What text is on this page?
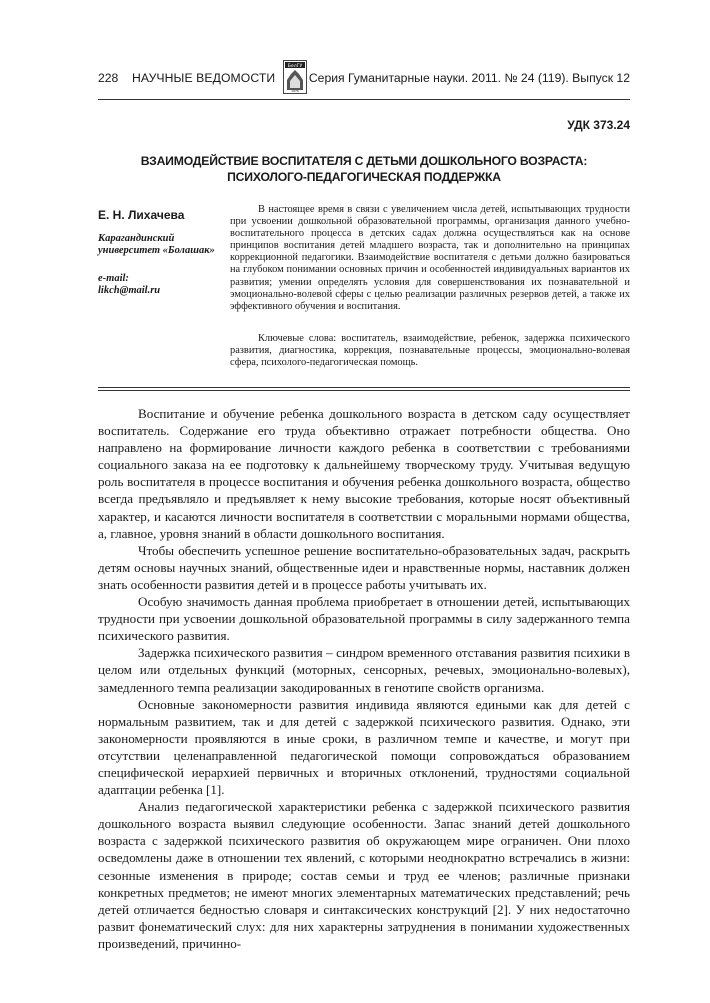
228 НАУЧНЫЕ ВЕДОМОСТИ
БелГУ
1876
Серия Гуманитарные науки. 2011. № 24 (119). Выпуск 12
УДК 373.24
ВЗАИМОДЕЙСТВИЕ ВОСПИТАТЕЛЯ С ДЕТЬМИ ДОШКОЛЬНОГО ВОЗРАСТА:
ПСИХОЛОГО-ПЕДАГОГИЧЕСКАЯ ПОДДЕРЖКА
Е. Н. Лихачева
Карагандинский университет «Болашак»
e-mail:
likch@mail.ru

В настоящее время в связи с увеличением числа детей, испытывающих трудности при усвоении дошкольной образовательной программы, организация данного учебно-воспитательного процесса в детских садах должна осуществляться как на основе принципов воспитания детей младшего возраста, так и дополнительно на принципах коррекционной педагогики. Взаимодействие воспитателя с детьми должно базироваться на глубоком понимании основных причин и особенностей индивидуальных вариантов их развития; умении определять условия для совершенствования их познавательной и эмоционально-волевой сферы с целью реализации различных резервов детей, а также их эффективного обучения и воспитания.

Ключевые слова: воспитатель, взаимодействие, ребенок, задержка психического развития, диагностика, коррекция, познавательные процессы, эмоционально-волевая сфера, психолого-педагогическая помощь.

Воспитание и обучение ребенка дошкольного возраста в детском саду осуществляет воспитатель. Содержание его труда объективно отражает потребности общества. Оно направлено на формирование личности каждого ребенка в соответствии с требованиями социального заказа на ее подготовку к дальнейшему творческому труду. Учитывая ведущую роль воспитателя в процессе воспитания и обучения ребенка дошкольного возраста, общество всегда предъявляло и предъявляет к нему высокие требования, которые носят объективный характер, и касаются личности воспитателя в соответствии с моральными нормами общества, а, главное, уровня знаний в области дошкольного воспитания.

Чтобы обеспечить успешное решение воспитательно-образовательных задач, раскрыть детям основы научных знаний, общественные идеи и нравственные нормы, наставник должен знать особенности развития детей и в процессе работы учитывать их.

Особую значимость данная проблема приобретает в отношении детей, испытывающих трудности при усвоении дошкольной образовательной программы в силу задержанного темпа психического развития.

Задержка психического развития – синдром временного отставания развития психики в целом или отдельных функций (моторных, сенсорных, речевых, эмоционально-волевых), замедленного темпа реализации закодированных в генотипе свойств организма.

Основные закономерности развития индивида являются едиными как для детей с нормальным развитием, так и для детей с задержкой психического развития. Однако, эти закономерности проявляются в иные сроки, в различном темпе и качестве, и могут при отсутствии целенаправленной педагогической помощи сопровождаться образованием специфической иерархией первичных и вторичных отклонений, трудностями социальной адаптации ребенка [1].

Анализ педагогической характеристики ребенка с задержкой психического развития дошкольного возраста выявил следующие особенности. Запас знаний детей дошкольного возраста с задержкой психического развития об окружающем мире ограничен. Они плохо осведомлены даже в отношении тех явлений, с которыми неоднократно встречались в жизни: сезонные изменения в природе; состав семьи и труд ее членов; различные признаки конкретных предметов; не имеют многих элементарных математических представлений; речь детей отличается бедностью словаря и синтаксических конструкций [2]. У них недостаточно развит фонематический слух: для них характерны затруднения в понимании художественных произведений, причинно-
